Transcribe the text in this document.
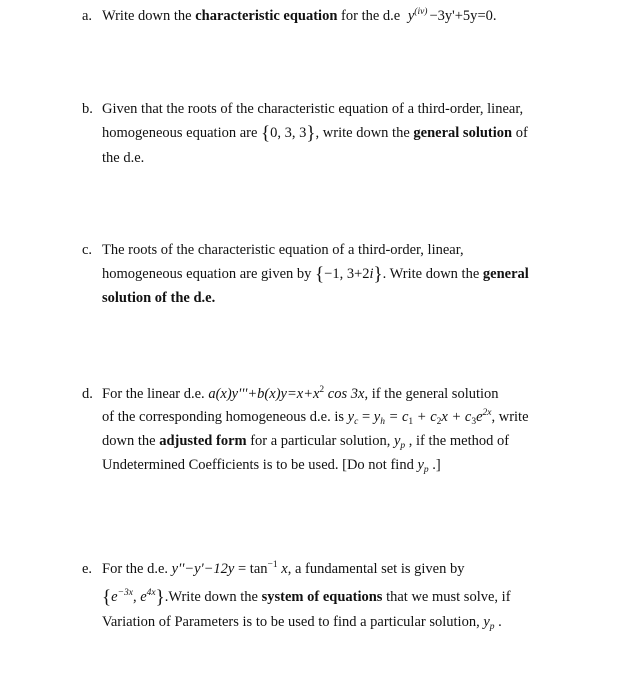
a. Write down the characteristic equation for the d.e $y^{(iv)} -3y'+5y=0$.
b. Given that the roots of the characteristic equation of a third-order, linear,
homogeneous equation are {0, 3, 3}, write down the general solution of
the d.e.
c. The roots of the characteristic equation of a third-order, linear,
homogeneous equation are given by {−1, 3+2i}. Write down the general
solution of the d.e.
d. For the linear d.e. $a(x)y'''+b(x)y=x+x^2$ cos 3x, if the general solution
of the corresponding homogeneous d.e. is $y_c = y_h = c_1 + c_2x + c_3e^{2x}$, write
down the adjusted form for a particular solution, $y_p$ , if the method of
Undetermined Coefficients is to be used. [Do not find $y_p$ .]
e. For the d.e. $y''-y'-12y = \tan^{-1} x$, a fundamental set is given by
{$e^{-3x}$, $e^{4x}\}.Write$ down the system of equations that we must solve, if
Variation of Parameters is to be used to find a particular solution, $y_p$ .
